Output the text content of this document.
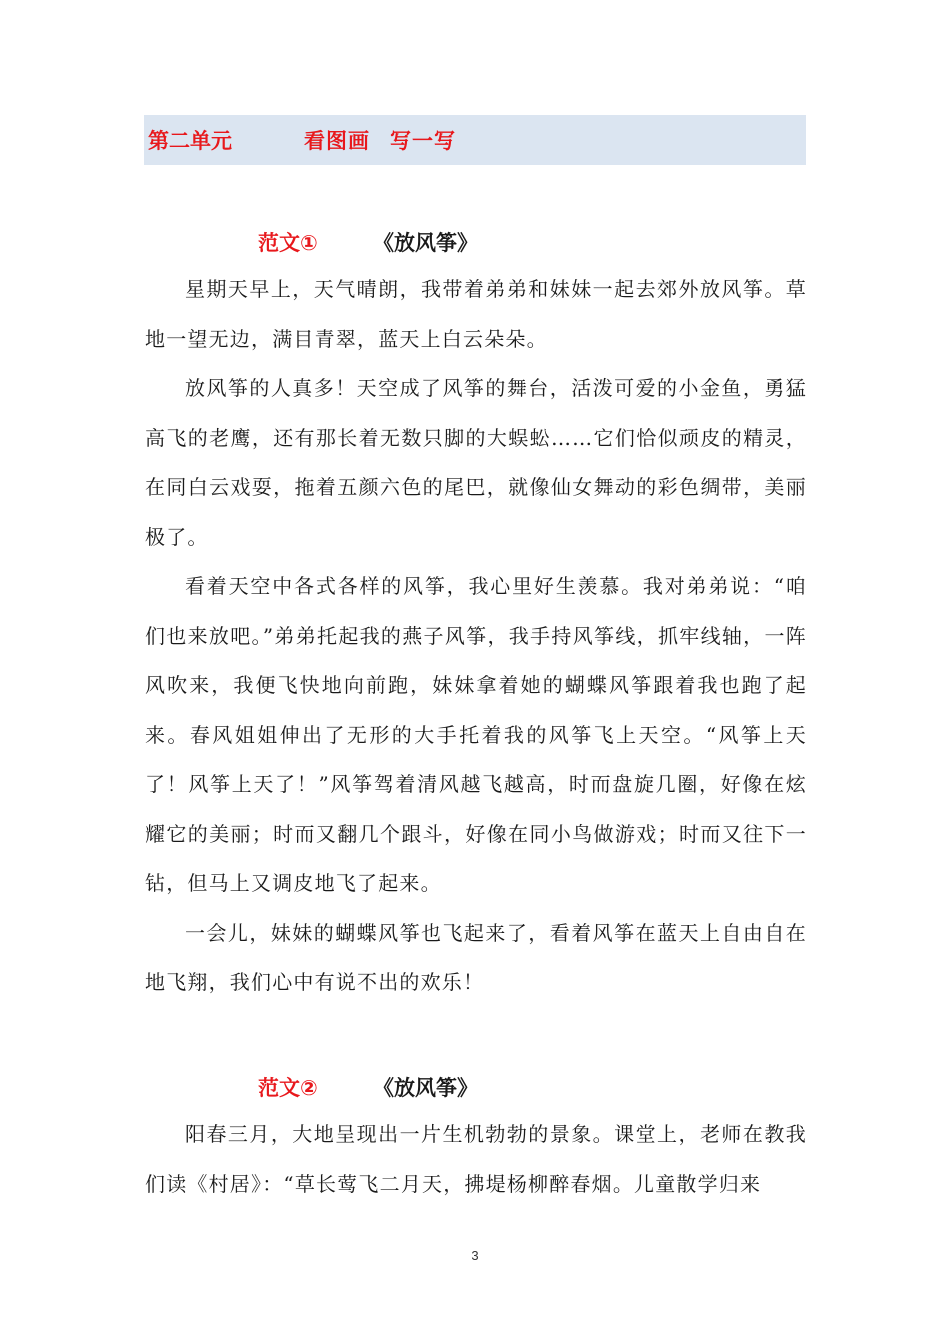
第二单元	看图画 写一写
范文①	《放风筝》

星期天早上，天气晴朗，我带着弟弟和妹妹一起去郊外放风筝。草地一望无边，满目青翠，蓝天上白云朵朵。

放风筝的人真多！天空成了风筝的舞台，活泼可爱的小金鱼，勇猛高飞的老鹰，还有那长着无数只脚的大蜈蚣……它们恰似顽皮的精灵，在同白云戏耍，拖着五颜六色的尾巴，就像仙女舞动的彩色绸带，美丽极了。

看着天空中各式各样的风筝，我心里好生羡慕。我对弟弟说：“咱们也来放吧。”弟弟托起我的燕子风筝，我手持风筝线，抓牢线轴，一阵风吹来，我便飞快地向前跑，妹妹拿着她的蝴蝶风筝跟着我也跑了起来。春风姐姐伸出了无形的大手托着我的风筝飞上天空。“风筝上天了！风筝上天了！”风筝驾着清风越飞越高，时而盘旋几圈，好像在炫耀它的美丽；时而又翻几个跟斗，好像在同小鸟做游戏；时而又往下一钻，但马上又调皮地飞了起来。

一会儿，妹妹的蝴蝶风筝也飞起来了，看着风筝在蓝天上自由自在地飞翔，我们心中有说不出的欢乐！

范文②	《放风筝》

阳春三月，大地呈现出一片生机勃勃的景象。课堂上，老师在教我们读《村居》：“草长莺飞二月天，拂堤杨柳醉春烟。儿童散学归来

3
